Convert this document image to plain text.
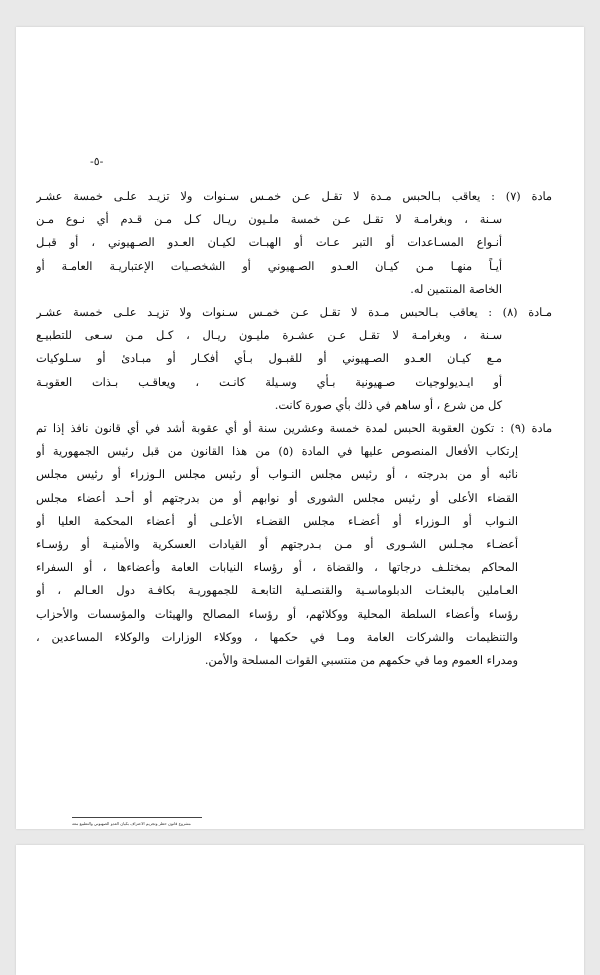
-٥-
مادة (٧) : يعاقب بـالحبس مـدة لا تقـل عـن خمـس سـنوات ولا تزيـد علـى خمسة عشـر
سـنة ، وبغرامـة لا تقـل عـن خمسة ملـيون ريـال كـل مـن قـدم أي نـوع مـن
أنـواع المسـاعدات أو التبر عـات أو الهبـات لكيـان العـدو الصـهيوني ، أو قبـل
أيـاً منهـا مـن كيـان العـدو الصـهيوني أو الشخصـيات الإعتباريـة العامـة أو
الخاصة المنتمين له.
مـادة (٨) : يعاقب بـالحبس مـدة لا تقـل عـن خمـس سـنوات ولا تزيـد علـى خمسة عشـر
سـنة ، وبغرامـة لا تقـل عـن عشـرة مليـون ريـال ، كـل مـن سـعى للتطبيـع
مـع كيـان العـدو الصـهيوني أو للقبـول بـأي أفكـار أو مبـادئ أو سـلوكيات
أو ايـديولوجيات صـهيونية بـأي وسـيلة كانـت ، ويعاقـب بـذات العقوبـة
كل من شرع ، أو ساهم في ذلك بأي صورة كانت.
مادة (٩) : تكون العقوبة الحبس لمدة خمسة وعشرين سنة أو أي عقوبة أشد في أي قانون نافذ إذا تم
إرتكاب الأفعال المنصوص عليها في المادة (٥) من هذا القانون من قبل رئيس الجمهورية أو
نائبه أو من بدرجته ، أو رئيس مجلس النـواب أو رئيس مجلس الـوزراء أو رئيس مجلس
القضاء الأعلى أو رئيس مجلس الشورى أو نوابهم أو من بدرجتهم أو أحـد أعضاء مجلس
النـواب أو الـوزراء أو أعضـاء مجلس القضـاء الأعلـى أو أعضاء المحكمة العليا أو
أعضـاء مجـلس الشـورى أو مـن بـدرجتهم أو القيادات العسكرية والأمنيـة أو رؤسـاء
المحاكم بمختلـف درجاتها ، والقضاة ، أو رؤساء النيابات العامة وأعضاءها ، أو السفراء
العـاملين بالبعثـات الدبلوماسـية والقنصـلية التابعـة للجمهوريـة بكافـة دول العـالم ، أو
رؤساء وأعضاء السلطة المحلية ووكلائهم، أو رؤساء المصالح والهيئات والمؤسسات والأحزاب
والتنظيمات والشركات العامة ومـا في حكمها ، ووكلاء الوزارات والوكلاء المساعدين ،
ومدراء العموم وما في حكمهم من منتسبي القوات المسلحة والأمن.
مشروع قانون حظر وتجريم الاعتراف بكيان العدو الصهيوني والتطبيع معه
